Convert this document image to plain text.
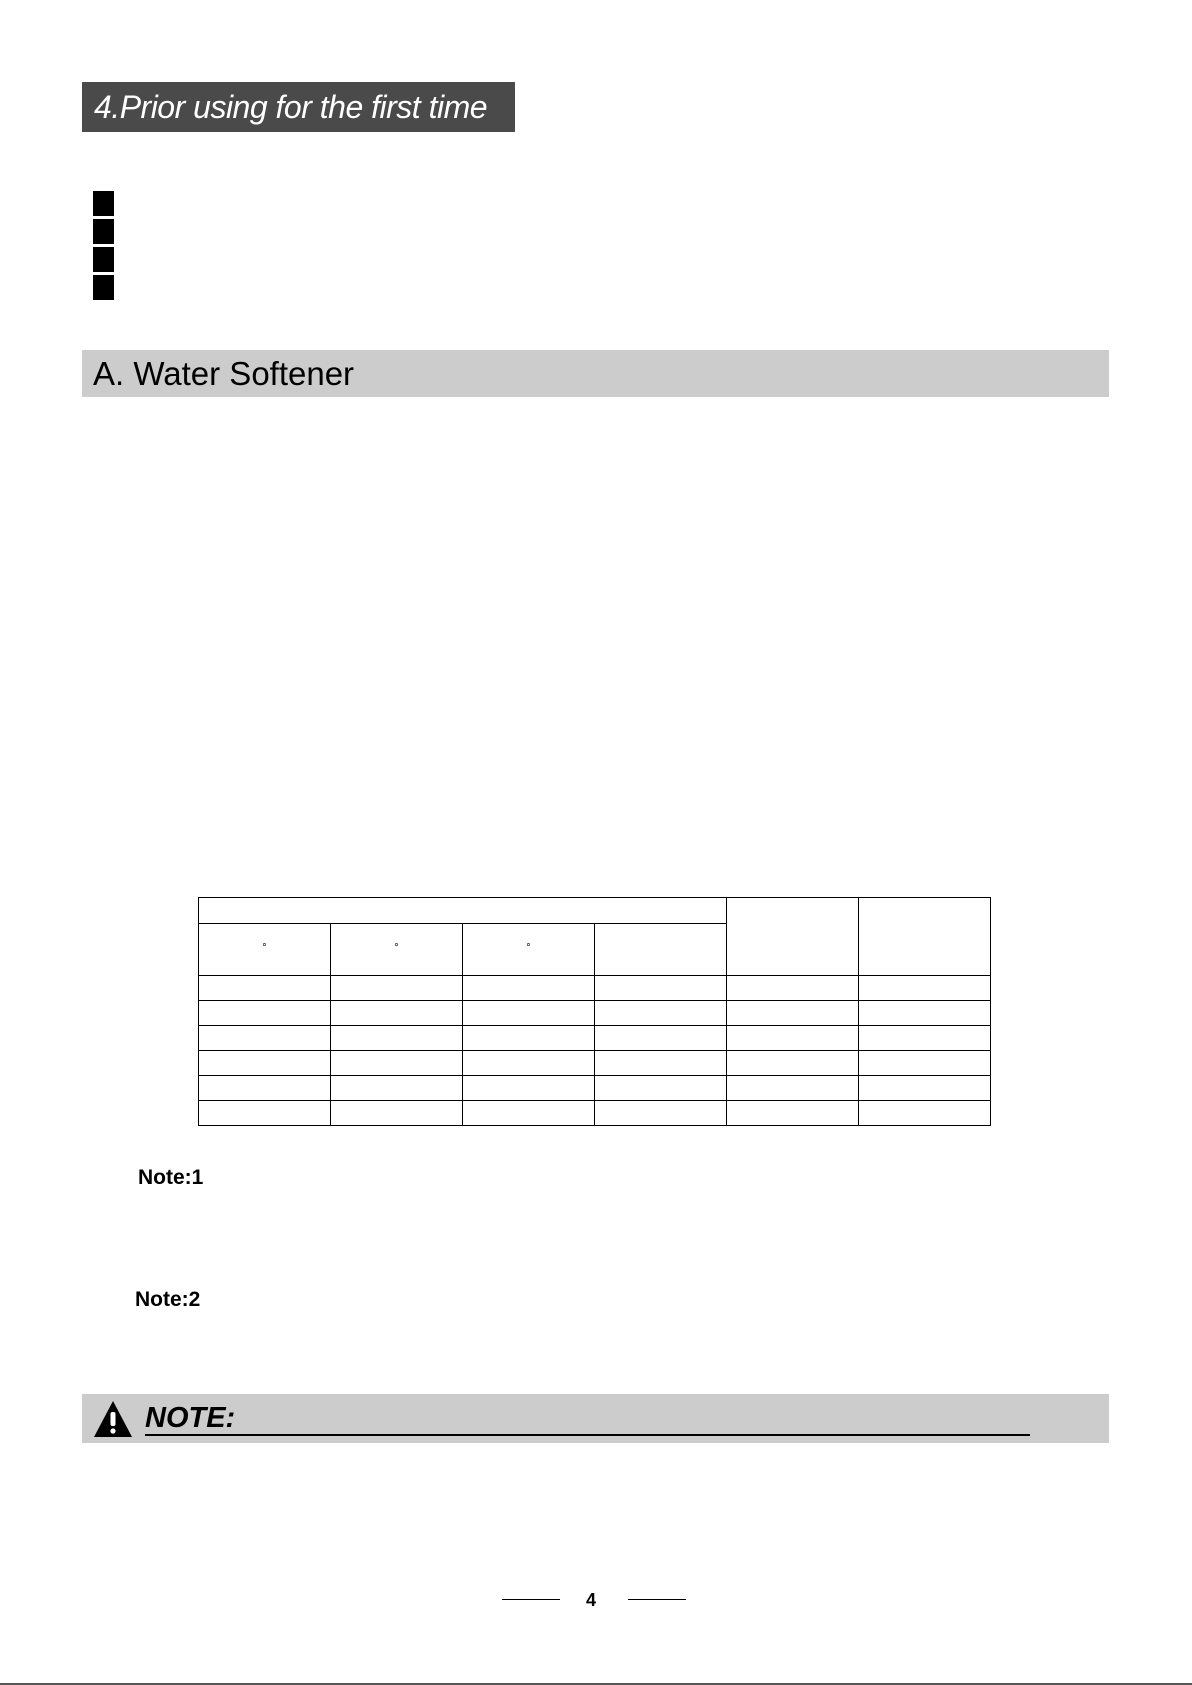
4.Prior using for the first time
A. Water Softener

°	°	°			

Note:1
Note:2
NOTE:
4
